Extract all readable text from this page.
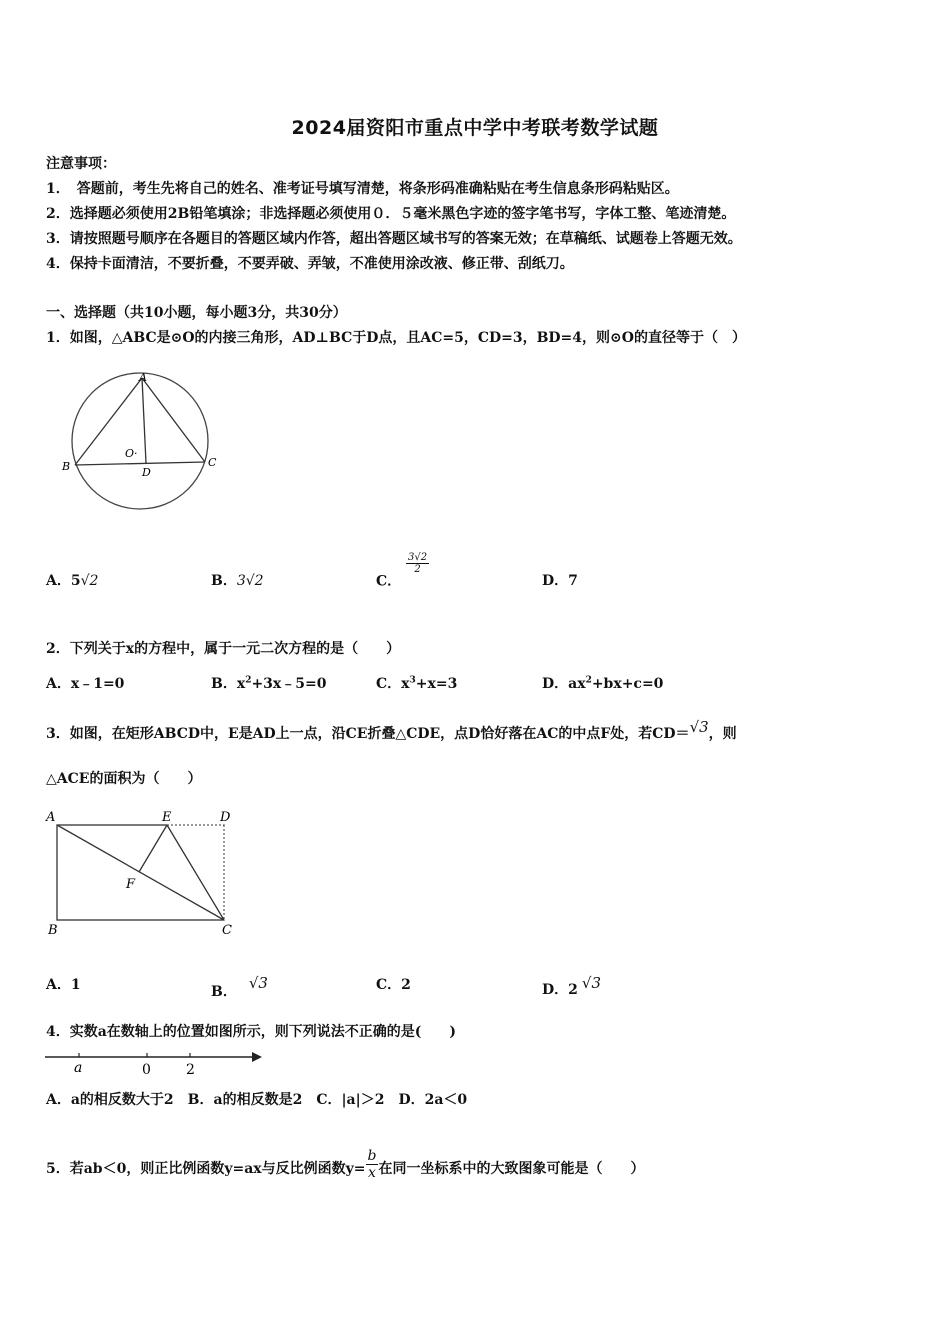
2024届资阳市重点中学中考联考数学试题
注意事项：
1．　答题前，考生先将自己的姓名、准考证号填写清楚，将条形码准确粘贴在考生信息条形码粘贴区。
2．选择题必须使用2B铅笔填涂；非选择题必须使用０．５毫米黑色字迹的签字笔书写，字体工整、笔迹清楚。
3．请按照题号顺序在各题目的答题区域内作答，超出答题区域书写的答案无效；在草稿纸、试题卷上答题无效。
4．保持卡面清洁，不要折叠，不要弄破、弄皱，不准使用涂改液、修正带、刮纸刀。
一、选择题（共10小题，每小题3分，共30分）
1．如图，△ABC是⊙O的内接三角形，AD⊥BC于D点，且AC=5，CD=3，BD=4，则⊙O的直径等于（　）
A
B	C
D
O·
A．5√2	B．3√2	C．
$\frac{3√2}{2}$
D．7
2．下列关于x的方程中，属于一元二次方程的是（　　）
A．x﹣1=0	B．$x^2+3x﹣5=0$	C．$x^3+x=3$	D．$ax^2+bx+c=0$
3．如图，在矩形ABCD中，E是AD上一点，沿CE折叠△CDE，点D恰好落在AC的中点F处，若CD＝√3，则
△ACE的面积为（　　）
A	E	D
F
B	C
A．1	B． √3	C．2	D．2 √3
4．实数a在数轴上的位置如图所示，则下列说法不正确的是(　　)
a	0	2
A．a的相反数大于2　B．a的相反数是2　C．|a|＞2　D．2a＜0
5．若ab＜0，则正比例函数y=ax与反比例函数$y= \frac{b}{x}$ 在同一坐标系中的大致图象可能是（　　）
